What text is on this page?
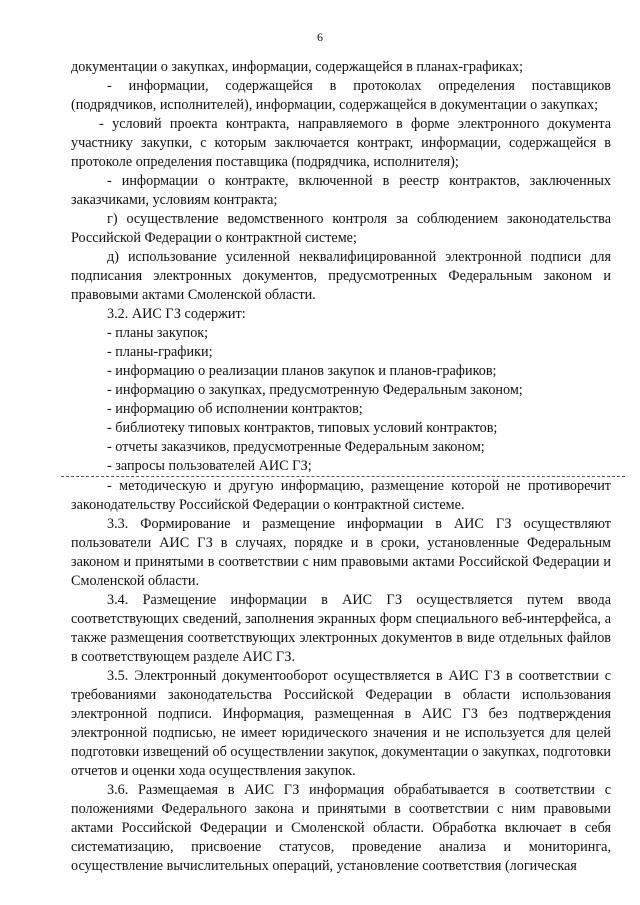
6

документации о закупках, информации, содержащейся в планах-графиках;

- информации, содержащейся в протоколах определения поставщиков (подрядчиков, исполнителей), информации, содержащейся в документации о закупках;

- условий проекта контракта, направляемого в форме электронного документа участнику закупки, с которым заключается контракт, информации, содержащейся в протоколе определения поставщика (подрядчика, исполнителя);

- информации о контракте, включенной в реестр контрактов, заключенных заказчиками, условиям контракта;

г) осуществление ведомственного контроля за соблюдением законодательства Российской Федерации о контрактной системе;

д) использование усиленной неквалифицированной электронной подписи для подписания электронных документов, предусмотренных Федеральным законом и правовыми актами Смоленской области.

3.2. АИС ГЗ содержит:

- планы закупок;

- планы-графики;

- информацию о реализации планов закупок и планов-графиков;

- информацию о закупках, предусмотренную Федеральным законом;

- информацию об исполнении контрактов;

- библиотеку типовых контрактов, типовых условий контрактов;

- отчеты заказчиков, предусмотренные Федеральным законом;

- запросы пользователей АИС ГЗ;

- методическую и другую информацию, размещение которой не противоречит законодательству Российской Федерации о контрактной системе.

3.3. Формирование и размещение информации в АИС ГЗ осуществляют пользователи АИС ГЗ в случаях, порядке и в сроки, установленные Федеральным законом и принятыми в соответствии с ним правовыми актами Российской Федерации и Смоленской области.

3.4. Размещение информации в АИС ГЗ осуществляется путем ввода соответствующих сведений, заполнения экранных форм специального веб-интерфейса, а также размещения соответствующих электронных документов в виде отдельных файлов в соответствующем разделе АИС ГЗ.

3.5. Электронный документооборот осуществляется в АИС ГЗ в соответствии с требованиями законодательства Российской Федерации в области использования электронной подписи. Информация, размещенная в АИС ГЗ без подтверждения электронной подписью, не имеет юридического значения и не используется для целей подготовки извещений об осуществлении закупок, документации о закупках, подготовки отчетов и оценки хода осуществления закупок.

3.6. Размещаемая в АИС ГЗ информация обрабатывается в соответствии с положениями Федерального закона и принятыми в соответствии с ним правовыми актами Российской Федерации и Смоленской области. Обработка включает в себя систематизацию, присвоение статусов, проведение анализа и мониторинга, осуществление вычислительных операций, установление соответствия (логическая
